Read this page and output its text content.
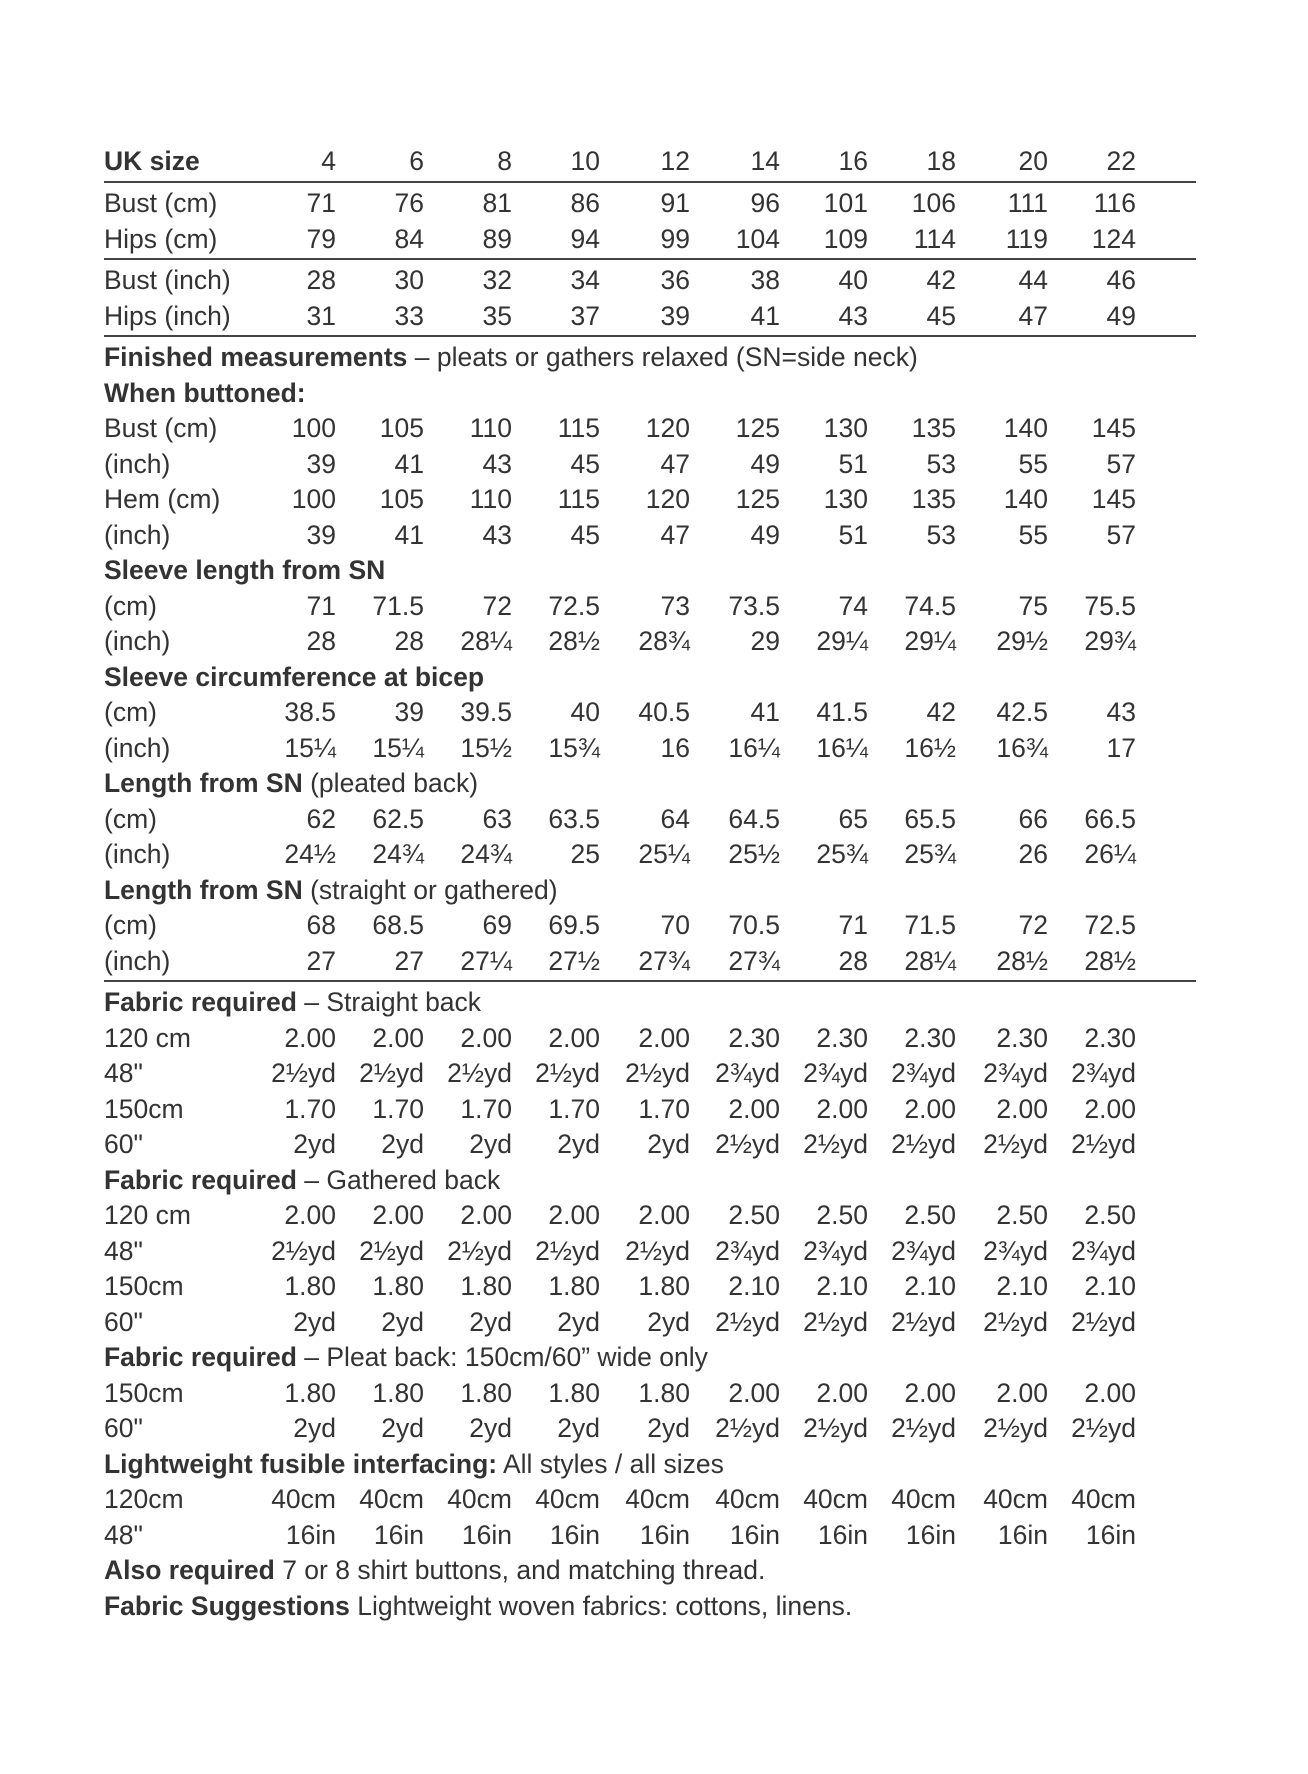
UK size	4	6	8	10	12	14	16	18	20	22
Bust (cm)	71	76	81	86	91	96	101	106	111	116
Hips (cm)	79	84	89	94	99	104	109	114	119	124
Bust (inch)	28	30	32	34	36	38	40	42	44	46
Hips (inch)	31	33	35	37	39	41	43	45	47	49
Finished measurements – pleats or gathers relaxed (SN=side neck)
When buttoned:
Bust (cm)	100	105	110	115	120	125	130	135	140	145
(inch)	39	41	43	45	47	49	51	53	55	57
Hem (cm)	100	105	110	115	120	125	130	135	140	145
(inch)	39	41	43	45	47	49	51	53	55	57
Sleeve length from SN
(cm)	71	71.5	72	72.5	73	73.5	74	74.5	75	75.5
(inch)	28	28	28¼	28½	28¾	29	29¼	29¼	29½	29¾
Sleeve circumference at bicep
(cm)	38.5	39	39.5	40	40.5	41	41.5	42	42.5	43
(inch)	15¼	15¼	15½	15¾	16	16¼	16¼	16½	16¾	17
Length from SN (pleated back)
(cm)	62	62.5	63	63.5	64	64.5	65	65.5	66	66.5
(inch)	24½	24¾	24¾	25	25¼	25½	25¾	25¾	26	26¼
Length from SN (straight or gathered)
(cm)	68	68.5	69	69.5	70	70.5	71	71.5	72	72.5
(inch)	27	27	27¼	27½	27¾	27¾	28	28¼	28½	28½
Fabric required – Straight back
120 cm	2.00	2.00	2.00	2.00	2.00	2.30	2.30	2.30	2.30	2.30
48"	2½yd 2½yd 2½yd 2½yd 2½yd 2¾yd 2¾yd 2¾yd	2¾yd 2¾yd
150cm	1.70	1.70	1.70	1.70	1.70	2.00	2.00	2.00	2.00	2.00
60"	2yd	2yd	2yd	2yd	2yd 2½yd 2½yd 2½yd	2½yd 2½yd
Fabric required – Gathered back
120 cm	2.00	2.00	2.00	2.00	2.00	2.50	2.50	2.50	2.50	2.50
48"	2½yd 2½yd 2½yd 2½yd 2½yd 2¾yd 2¾yd 2¾yd	2¾yd 2¾yd
150cm	1.80	1.80	1.80	1.80	1.80	2.10	2.10	2.10	2.10	2.10
60"	2yd	2yd	2yd	2yd	2yd 2½yd 2½yd 2½yd	2½yd 2½yd
Fabric required – Pleat back: 150cm/60” wide only
150cm	1.80	1.80	1.80	1.80	1.80	2.00	2.00	2.00	2.00	2.00
60"	2yd	2yd	2yd	2yd	2yd 2½yd 2½yd 2½yd	2½yd 2½yd
Lightweight fusible interfacing: All styles / all sizes
120cm	40cm 40cm 40cm 40cm 40cm 40cm 40cm 40cm	40cm 40cm
48"	16in	16in	16in	16in	16in	16in	16in	16in	16in	16in
Also required 7 or 8 shirt buttons, and matching thread.
Fabric Suggestions Lightweight woven fabrics: cottons, linens.
